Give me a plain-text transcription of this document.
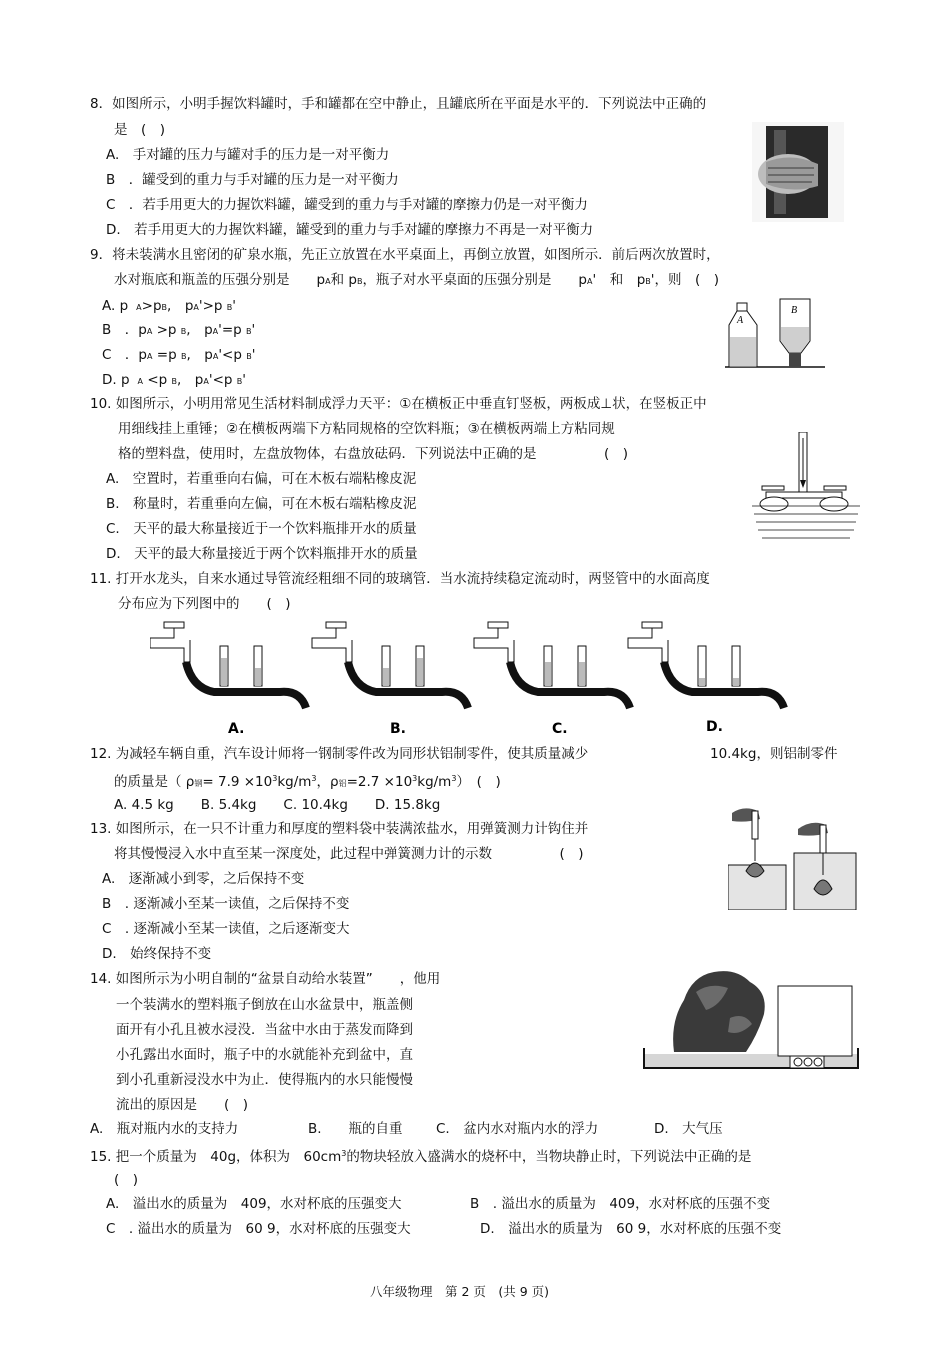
8．如图所示，小明手握饮料罐时，手和罐都在空中静止，且罐底所在平面是水平的．下列说法中正确的
是　(　)
A.　手对罐的压力与罐对手的压力是一对平衡力
B　．罐受到的重力与手对罐的压力是一对平衡力
C　．若手用更大的力握饮料罐，罐受到的重力与手对罐的摩擦力仍是一对平衡力
D.　若手用更大的力握饮料罐，罐受到的重力与手对罐的摩擦力不再是一对平衡力
9．将未装满水且密闭的矿泉水瓶，先正立放置在水平桌面上，再倒立放置，如图所示．前后两次放置时，
水对瓶底和瓶盖的压强分别是　　pA和 pB，瓶子对水平桌面的压强分别是　　pA'　和　pB'，则　(　)
A. p　A>pB,　pA'>p B'
B　．pA >p B,　pA'=p B'
C　．pA =p B,　pA'<p B'
D. p　A <p B,　pA'<p B'
A
B
10. 如图所示，小明用常见生活材料制成浮力天平：①在横板正中垂直钉竖板，两板成⊥状，在竖板正中
用细线挂上重锤；②在横板两端下方粘同规格的空饮料瓶；③在横板两端上方粘同规
格的塑料盘，使用时，左盘放物体，右盘放砝码．下列说法中正确的是　　　　　(　)
A.　空置时，若重垂向右偏，可在木板右端粘橡皮泥
B.　称量时，若重垂向左偏，可在木板右端粘橡皮泥
C.　天平的最大称量接近于一个饮料瓶排开水的质量
D.　天平的最大称量接近于两个饮料瓶排开水的质量
11. 打开水龙头，自来水通过导管流经粗细不同的玻璃管．当水流持续稳定流动时，两竖管中的水面高度
分布应为下列图中的　　(　)
A.	B.	C.	D.
12. 为减轻车辆自重，汽车设计师将一钢制零件改为同形状铝制零件，使其质量减少	10.4kg，则铝制零件
的质量是（ ρ钢= $7.9 \times 10^3kg/m^3$，ρ铝$=2.7 \times 10^3kg/m^3$）　(　)
A. 4.5 kg　　B. 5.4kg　　C. 10.4kg　　D. 15.8kg
13. 如图所示，在一只不计重力和厚度的塑料袋中装满浓盐水，用弹簧测力计钩住并
将其慢慢浸入水中直至某一深度处，此过程中弹簧测力计的示数　　　　　(　)
A.　逐渐减小到零，之后保持不变
B　. 逐渐减小至某一读值，之后保持不变
C　. 逐渐减小至某一读值，之后逐渐变大
D.　始终保持不变
14. 如图所示为小明自制的“盆景自动给水装置”　　，他用
一个装满水的塑料瓶子倒放在山水盆景中，瓶盖侧
面开有小孔且被水浸没．当盆中水由于蒸发而降到
小孔露出水面时，瓶子中的水就能补充到盆中，直
到小孔重新浸没水中为止．使得瓶内的水只能慢慢
流出的原因是　　(　)
A.　瓶对瓶内水的支持力	B.　　瓶的自重 C.　盆内水对瓶内水的浮力	D.　大气压
15. 把一个质量为　40g，体积为　$60cm^3$的物块轻放入盛满水的烧杯中，当物块静止时，下列说法中正确的是
(　)
A.　溢出水的质量为　409，水对杯底的压强变大	B　. 溢出水的质量为　409，水对杯底的压强不变
C　. 溢出水的质量为　60 9，水对杯底的压强变大	D.　溢出水的质量为　60 9，水对杯底的压强不变
八年级物理　第 2 页　(共 9 页)
